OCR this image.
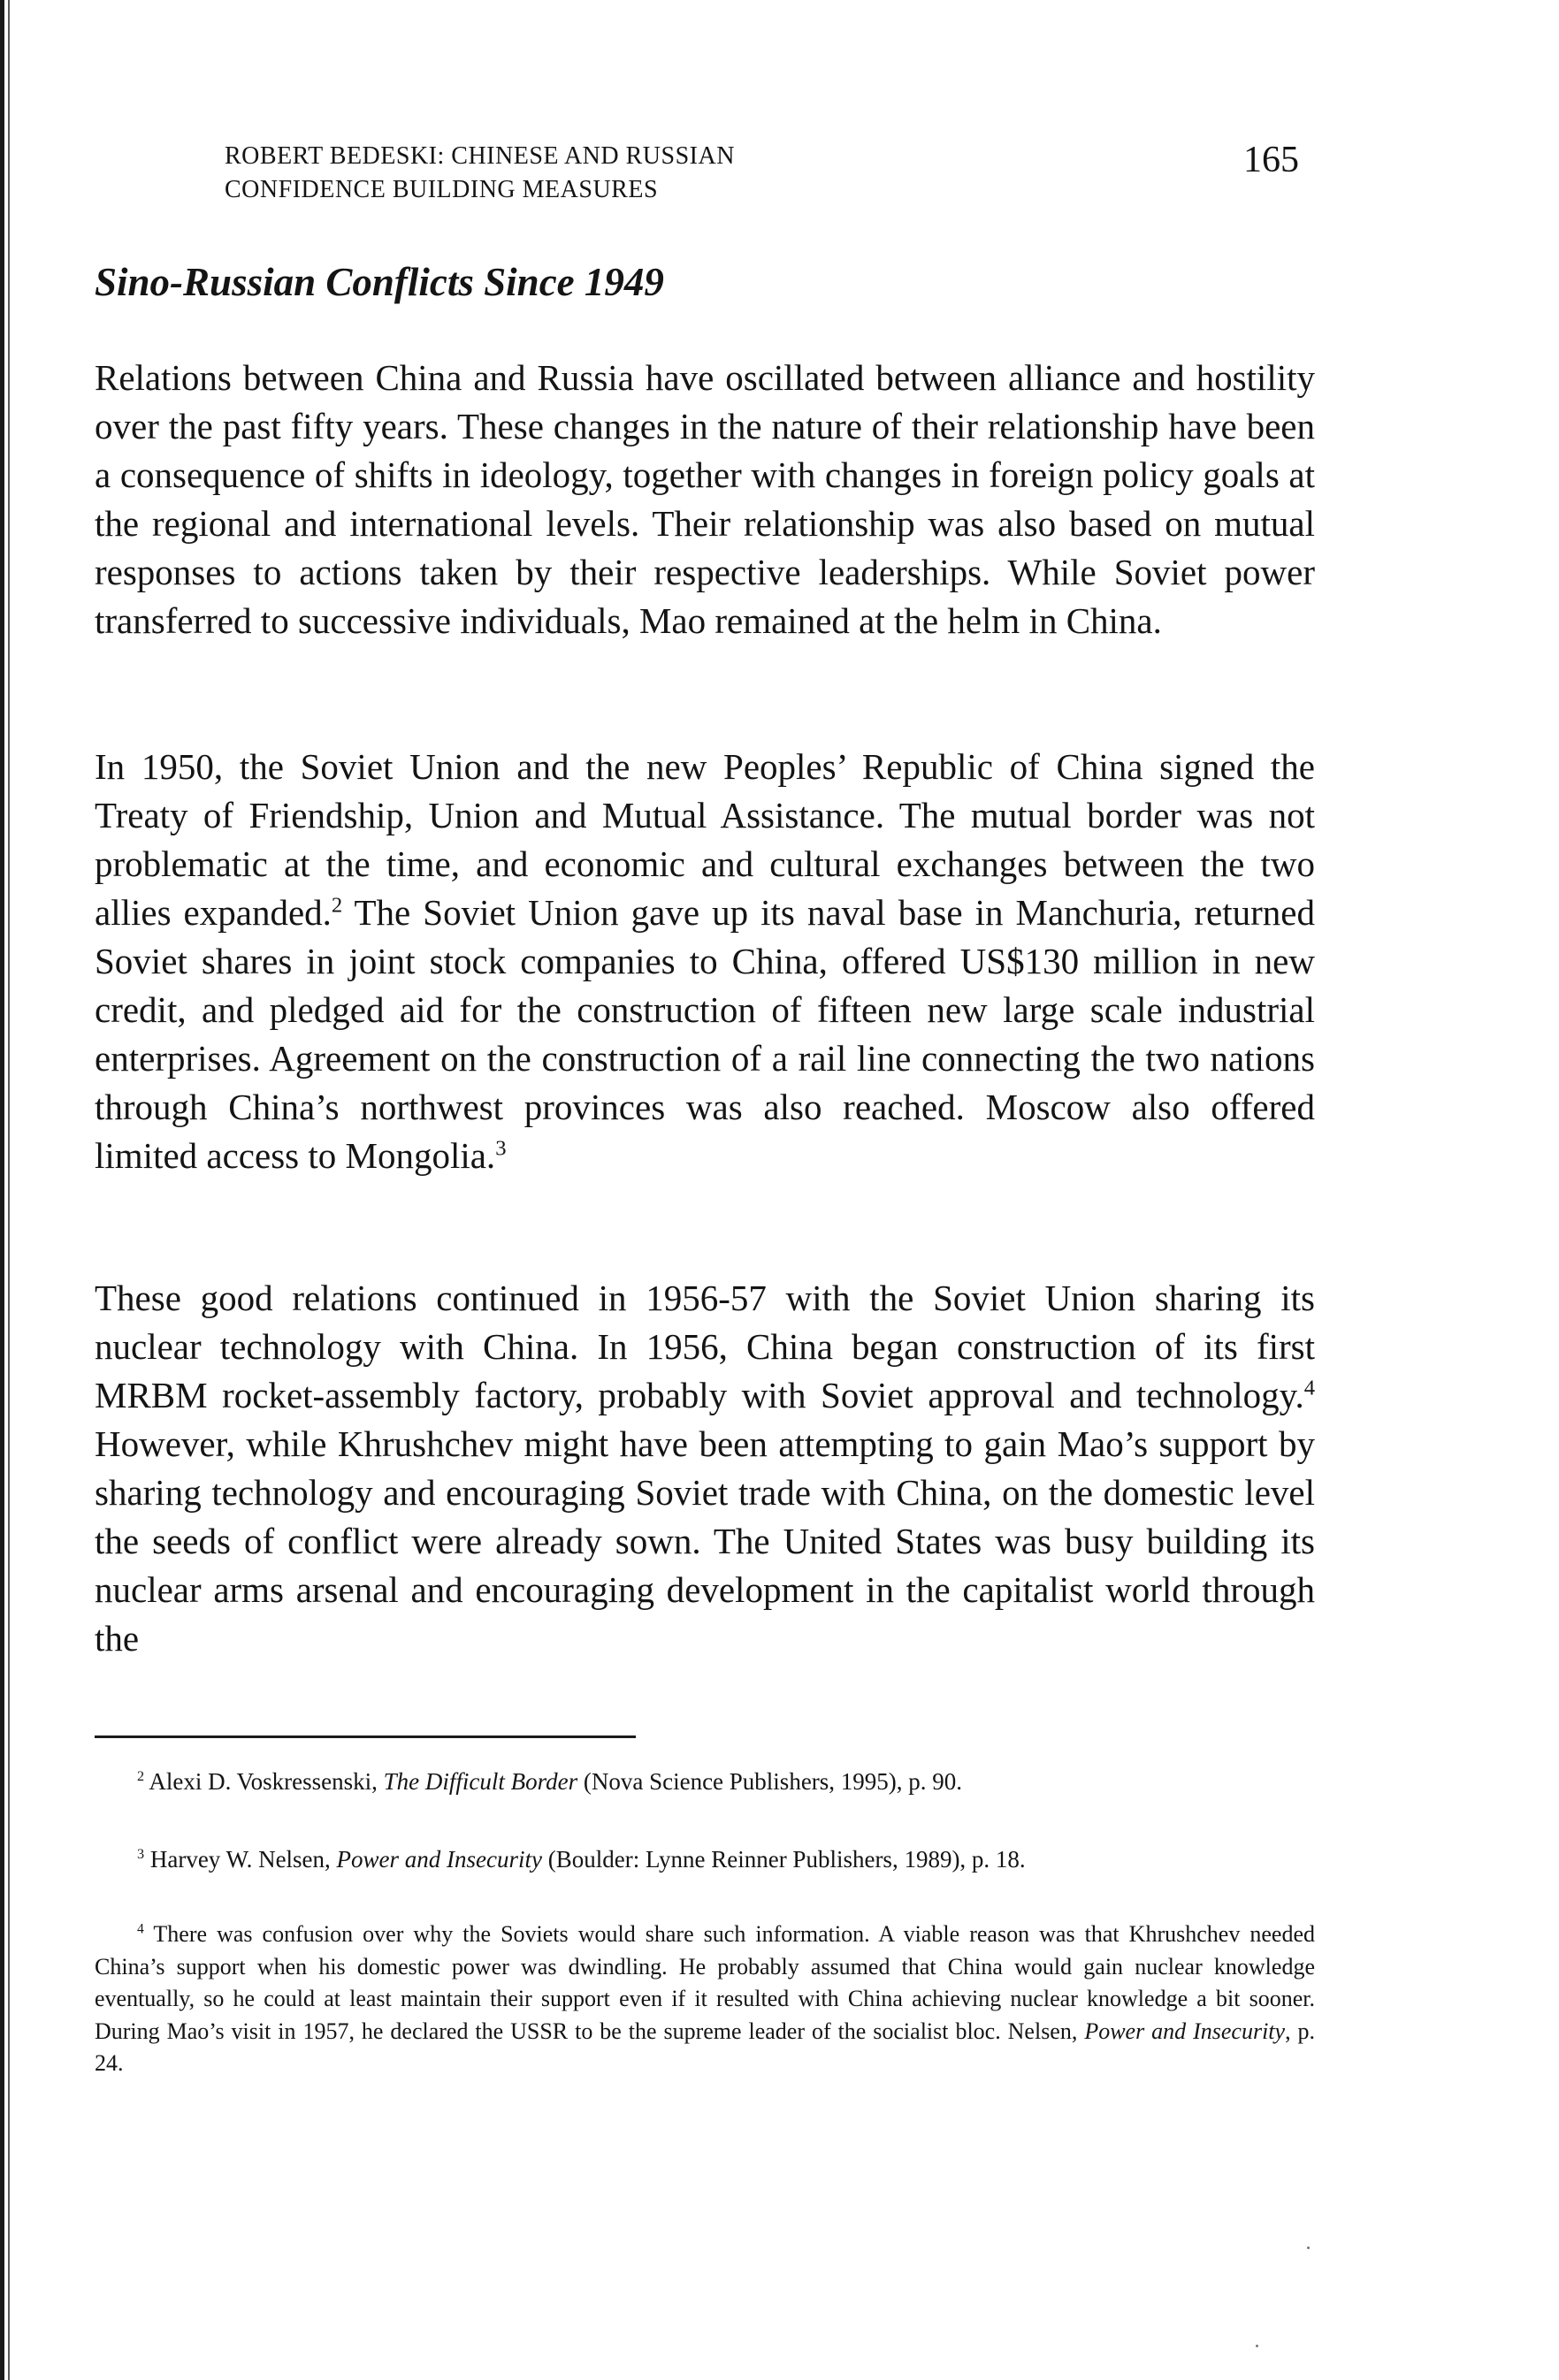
ROBERT BEDESKI: CHINESE AND RUSSIAN
CONFIDENCE BUILDING MEASURES
165
Sino-Russian Conflicts Since 1949
Relations between China and Russia have oscillated between alliance and hostility over the past fifty years. These changes in the nature of their relationship have been a consequence of shifts in ideology, together with changes in foreign policy goals at the regional and international levels. Their relationship was also based on mutual responses to actions taken by their respective leaderships. While Soviet power transferred to successive individuals, Mao remained at the helm in China.
In 1950, the Soviet Union and the new Peoples’ Republic of China signed the Treaty of Friendship, Union and Mutual Assistance. The mutual border was not problematic at the time, and economic and cultural exchanges between the two allies expanded.$^2$ The Soviet Union gave up its naval base in Manchuria, returned Soviet shares in joint stock companies to China, offered US$130 million in new credit, and pledged aid for the construction of fifteen new large scale industrial enterprises. Agreement on the construction of a rail line connecting the two nations through China’s northwest provinces was also reached. Moscow also offered limited access to Mongolia.$^3$
These good relations continued in 1956-57 with the Soviet Union sharing its nuclear technology with China. In 1956, China began construction of its first MRBM rocket-assembly factory, probably with Soviet approval and technology.$^4$ However, while Khrushchev might have been attempting to gain Mao’s support by sharing technology and encouraging Soviet trade with China, on the domestic level the seeds of conflict were already sown. The United States was busy building its nuclear arms arsenal and encouraging development in the capitalist world through the
$^2$ Alexi D. Voskressenski, The Difficult Border (Nova Science Publishers, 1995), p. 90.
$^3$ Harvey W. Nelsen, Power and Insecurity (Boulder: Lynne Reinner Publishers, 1989), p. 18.
$^4$ There was confusion over why the Soviets would share such information. A viable reason was that Khrushchev needed China’s support when his domestic power was dwindling. He probably assumed that China would gain nuclear knowledge eventually, so he could at least maintain their support even if it resulted with China achieving nuclear knowledge a bit sooner. During Mao’s visit in 1957, he declared the USSR to be the supreme leader of the socialist bloc. Nelsen, Power and Insecurity, p. 24.
